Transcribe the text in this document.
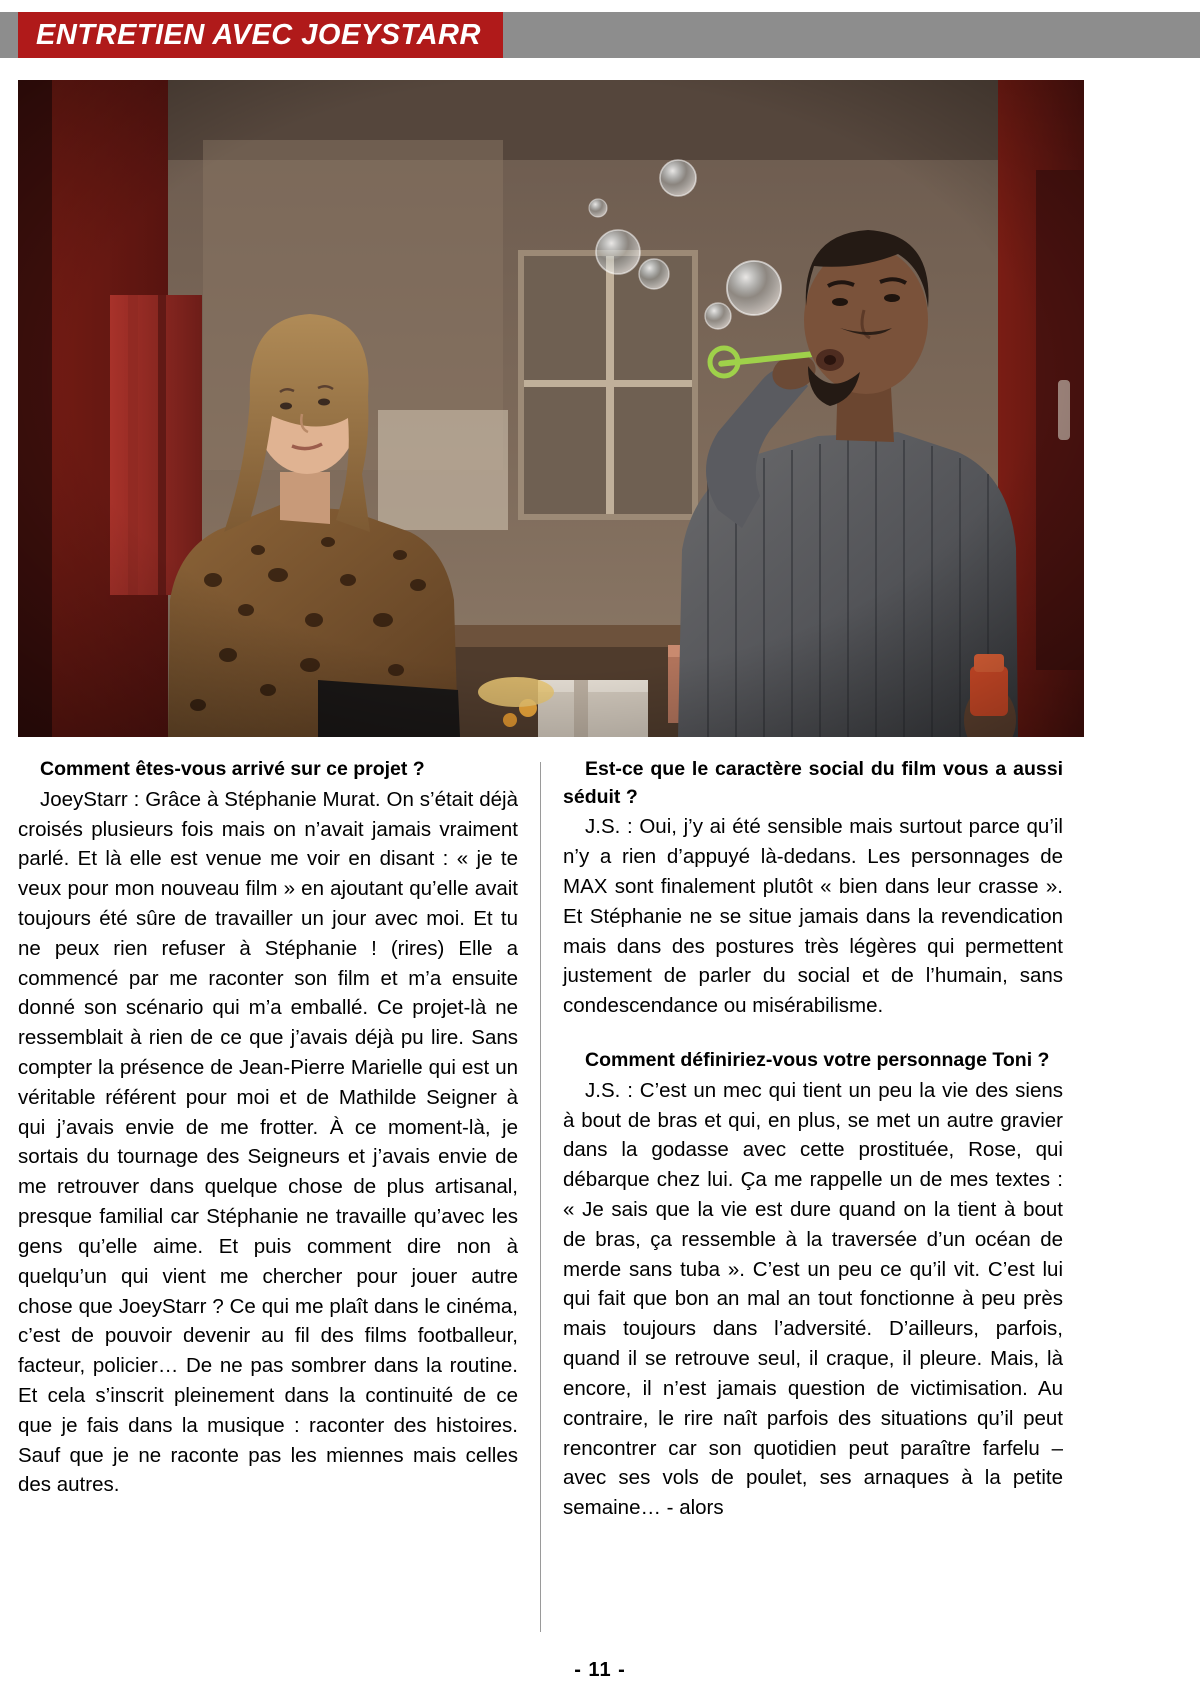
ENTRETIEN AVEC JOEYSTARR

Comment êtes-vous arrivé sur ce projet ?

JoeyStarr : Grâce à Stéphanie Murat. On s’était déjà croisés plusieurs fois mais on n’avait jamais vraiment parlé. Et là elle est venue me voir en disant : « je te veux pour mon nouveau film » en ajoutant qu’elle avait toujours été sûre de travailler un jour avec moi. Et tu ne peux rien refuser à Stéphanie ! (rires) Elle a commencé par me raconter son film et m’a ensuite donné son scénario qui m’a emballé. Ce projet-là ne ressemblait à rien de ce que j’avais déjà pu lire. Sans compter la présence de Jean-Pierre Marielle qui est un véritable référent pour moi et de Mathilde Seigner à qui j’avais envie de me frotter. À ce moment-là, je sortais du tournage des Seigneurs et j’avais envie de me retrouver dans quelque chose de plus artisanal, presque familial car Stéphanie ne travaille qu’avec les gens qu’elle aime. Et puis comment dire non à quelqu’un qui vient me chercher pour jouer autre chose que JoeyStarr ? Ce qui me plaît dans le cinéma, c’est de pouvoir devenir au fil des films footballeur, facteur, policier… De ne pas sombrer dans la routine. Et cela s’inscrit pleinement dans la continuité de ce que je fais dans la musique : raconter des histoires. Sauf que je ne raconte pas les miennes mais celles des autres.

Est-ce que le caractère social du film vous a aussi séduit ?

J.S. : Oui, j’y ai été sensible mais surtout parce qu’il n’y a rien d’appuyé là-dedans. Les personnages de MAX sont finalement plutôt « bien dans leur crasse ». Et Stéphanie ne se situe jamais dans la revendication mais dans des postures très légères qui permettent justement de parler du social et de l’humain, sans condescendance ou misérabilisme.

Comment définiriez-vous votre personnage Toni ?

J.S. : C’est un mec qui tient un peu la vie des siens à bout de bras et qui, en plus, se met un autre gravier dans la godasse avec cette prostituée, Rose, qui débarque chez lui. Ça me rappelle un de mes textes : « Je sais que la vie est dure quand on la tient à bout de bras, ça ressemble à la traversée d’un océan de merde sans tuba ». C’est un peu ce qu’il vit. C’est lui qui fait que bon an mal an tout fonctionne à peu près mais toujours dans l’adversité. D’ailleurs, parfois, quand il se retrouve seul, il craque, il pleure. Mais, là encore, il n’est jamais question de victimisation. Au contraire, le rire naît parfois des situations qu’il peut rencontrer car son quotidien peut paraître farfelu – avec ses vols de poulet, ses arnaques à la petite semaine… - alors

- 11 -
